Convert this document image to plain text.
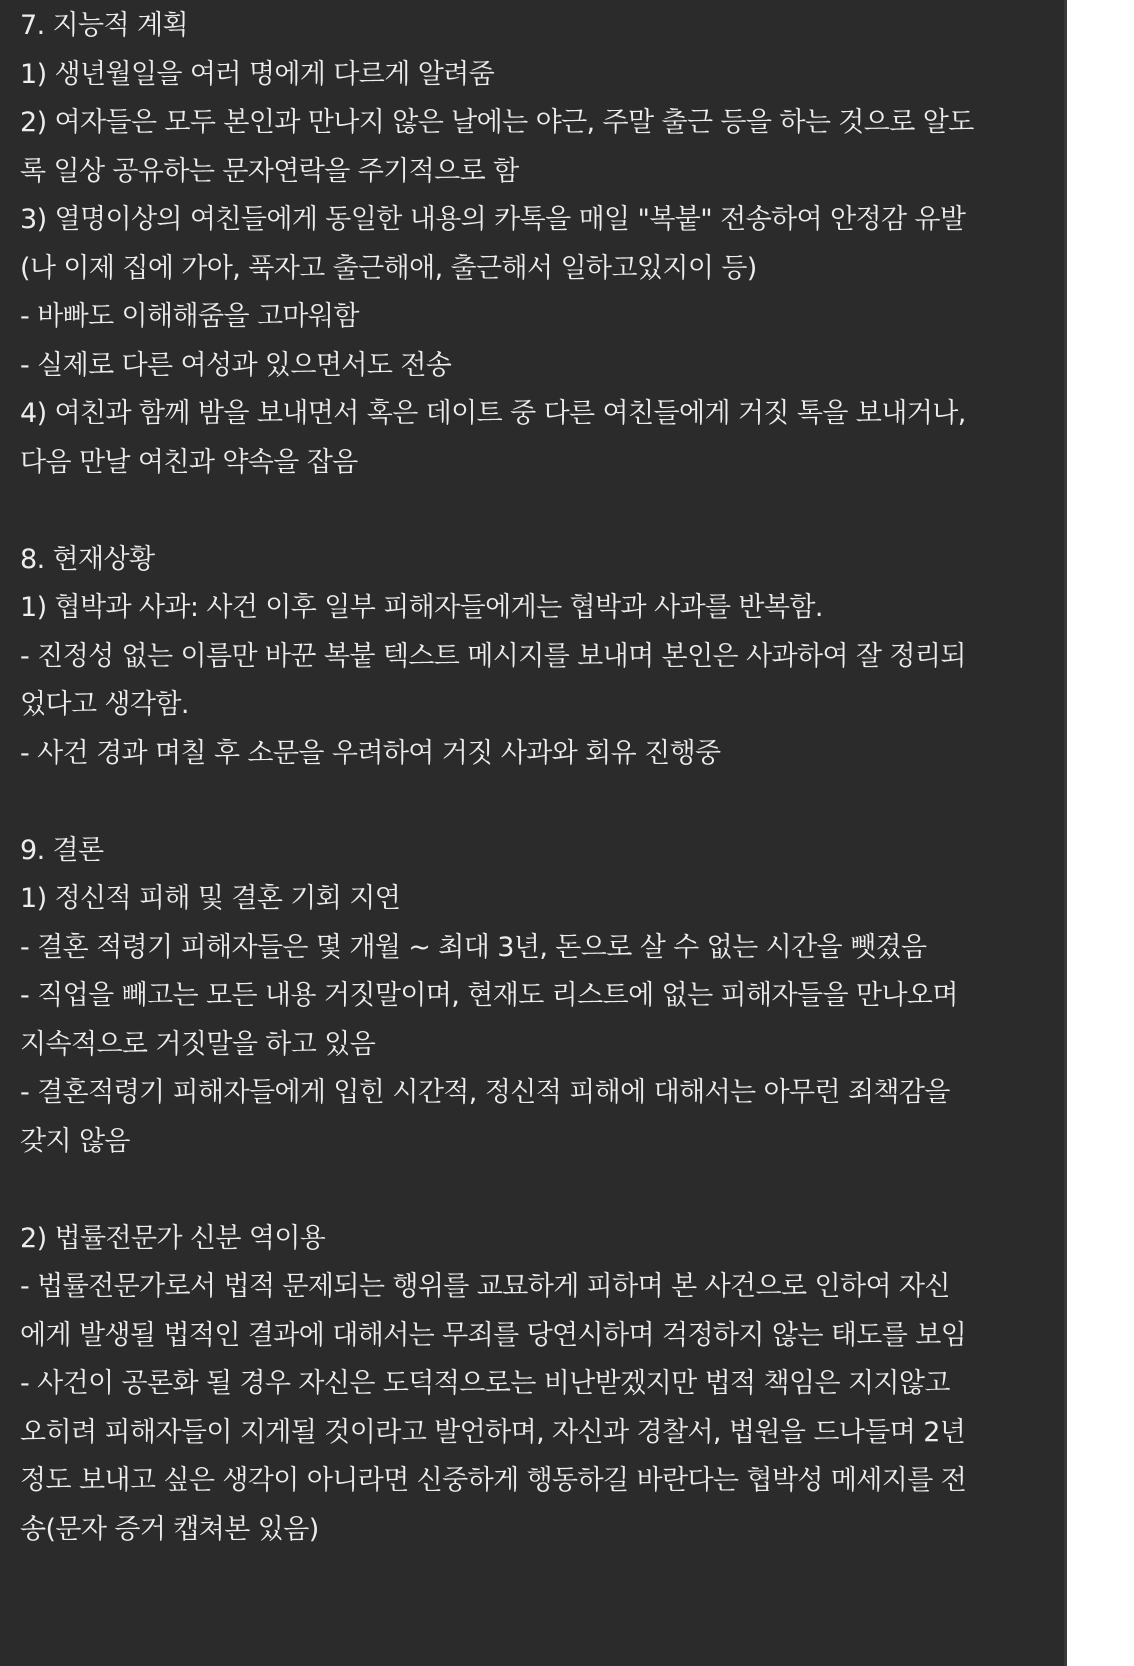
7. 지능적 계획
1) 생년월일을 여러 명에게 다르게 알려줌
2) 여자들은 모두 본인과 만나지 않은 날에는 야근, 주말 출근 등을 하는 것으로 알도
록 일상 공유하는 문자연락을 주기적으로 함
3) 열명이상의 여친들에게 동일한 내용의 카톡을 매일 "복붙" 전송하여 안정감 유발
(나 이제 집에 가아, 푹자고 출근해애, 출근해서 일하고있지이 등)
- 바빠도 이해해줌을 고마워함
- 실제로 다른 여성과 있으면서도 전송
4) 여친과 함께 밤을 보내면서 혹은 데이트 중 다른 여친들에게 거짓 톡을 보내거나,
다음 만날 여친과 약속을 잡음
8. 현재상황
1) 협박과 사과: 사건 이후 일부 피해자들에게는 협박과 사과를 반복함.
- 진정성 없는 이름만 바꾼 복붙 텍스트 메시지를 보내며 본인은 사과하여 잘 정리되
었다고 생각함.
- 사건 경과 며칠 후 소문을 우려하여 거짓 사과와 회유 진행중
9. 결론
1) 정신적 피해 및 결혼 기회 지연
- 결혼 적령기 피해자들은 몇 개월 ~ 최대 3년, 돈으로 살 수 없는 시간을 뺏겼음
- 직업을 빼고는 모든 내용 거짓말이며, 현재도 리스트에 없는 피해자들을 만나오며
지속적으로 거짓말을 하고 있음
- 결혼적령기 피해자들에게 입힌 시간적, 정신적 피해에 대해서는 아무런 죄책감을
갖지 않음
2) 법률전문가 신분 역이용
- 법률전문가로서 법적 문제되는 행위를 교묘하게 피하며 본 사건으로 인하여 자신
에게 발생될 법적인 결과에 대해서는 무죄를 당연시하며 걱정하지 않는 태도를 보임
- 사건이 공론화 될 경우 자신은 도덕적으로는 비난받겠지만 법적 책임은 지지않고
오히려 피해자들이 지게될 것이라고 발언하며, 자신과 경찰서, 법원을 드나들며 2년
정도 보내고 싶은 생각이 아니라면 신중하게 행동하길 바란다는 협박성 메세지를 전
송(문자 증거 캡쳐본 있음)
